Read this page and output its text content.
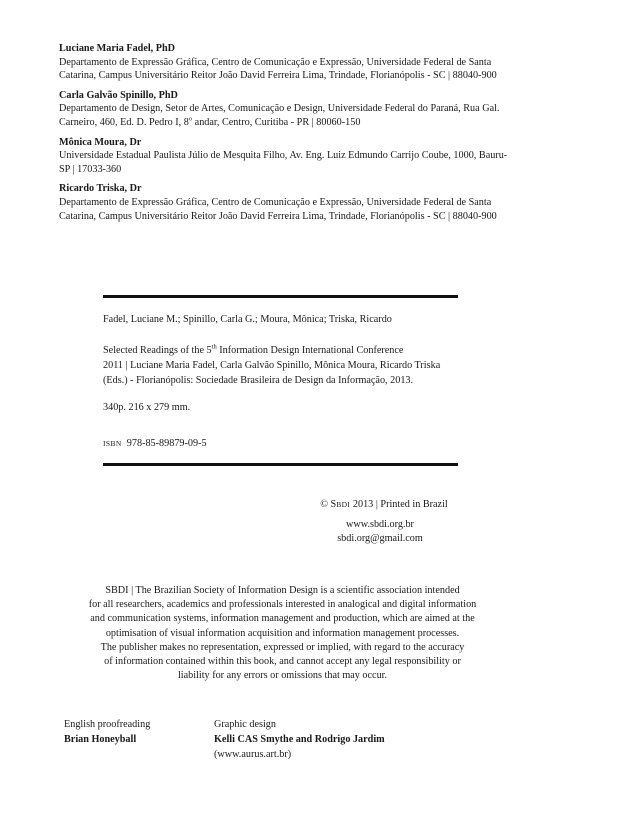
Luciane Maria Fadel, PhD
Departamento de Expressão Gráfica, Centro de Comunicação e Expressão, Universidade Federal de Santa Catarina, Campus Universitário Reitor João David Ferreira Lima, Trindade, Florianópolis - SC | 88040-900
Carla Galvão Spinillo, PhD
Departamento de Design, Setor de Artes, Comunicação e Design, Universidade Federal do Paraná, Rua Gal. Carneiro, 460, Ed. D. Pedro I, 8$^o$ andar, Centro, Curitiba - PR | 80060-150
Mônica Moura, Dr
Universidade Estadual Paulista Júlio de Mesquita Filho, Av. Eng. Luiz Edmundo Carrijo Coube, 1000, Bauru-SP | 17033-360
Ricardo Triska, Dr
Departamento de Expressão Gráfica, Centro de Comunicação e Expressão, Universidade Federal de Santa Catarina, Campus Universitário Reitor João David Ferreira Lima, Trindade, Florianópolis - SC | 88040-900

Fadel, Luciane M.; Spinillo, Carla G.; Moura, Mônica; Triska, Ricardo

Selected Readings of the 5th Information Design International Conference

2011 | Luciane Maria Fadel, Carla Galvão Spinillo, Mônica Moura, Ricardo Triska

(Eds.) - Florianópolis: Sociedade Brasileira de Design da Informação, 2013.

340p. 216 x 279 mm.

ISBN 978-85-89879-09-5

© SBDI 2013 | Printed in Brazil
www.sbdi.org.br
sbdi.org@gmail.com
SBDI | The Brazilian Society of Information Design is a scientific association intended
for all researchers, academics and professionals interested in analogical and digital information
and communication systems, information management and production, which are aimed at the
optimisation of visual information acquisition and information management processes.
The publisher makes no representation, expressed or implied, with regard to the accuracy
of information contained within this book, and cannot accept any legal responsibility or
liability for any errors or omissions that may occur.
English proofreading
Brian Honeyball
Graphic design
Kelli CAS Smythe and Rodrigo Jardim
(www.aurus.art.br)
